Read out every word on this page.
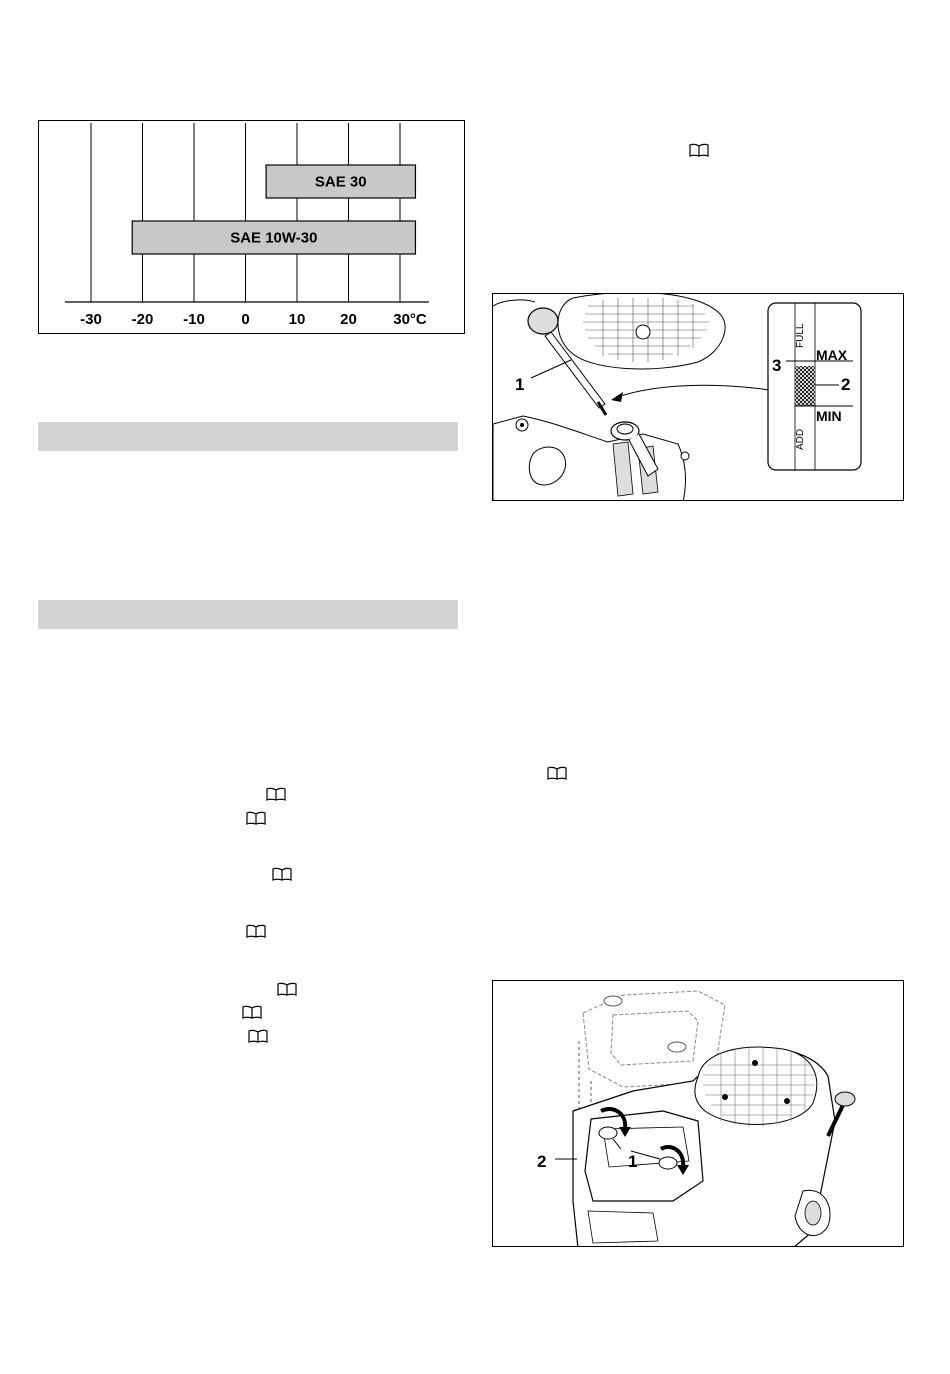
-30 -20 -10 0	10 20 30°C
SAE 30
SAE 10W-30
1
FULL
MAX
MIN
ADD
2
3
1
2
